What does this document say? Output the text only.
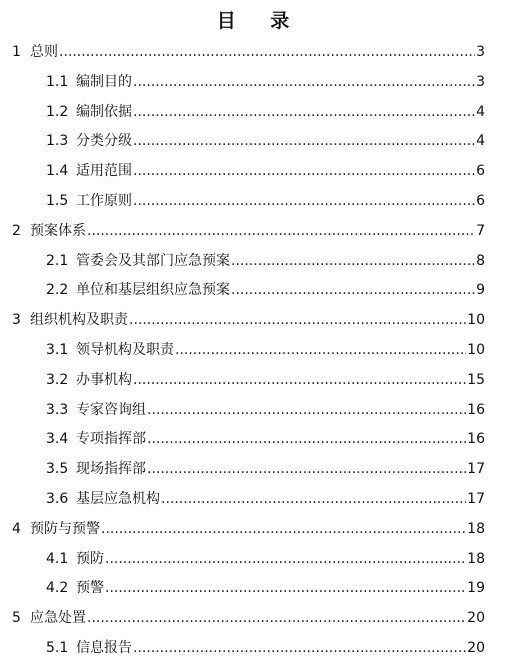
目 录
1 总则 .....	3
1.1 编制目的 .....	3
1.2 编制依据 .....	4
1.3 分类分级 .....	4
1.4 适用范围 .....	6
1.5 工作原则 .....	6
2 预案体系 .....	7
2.1 管委会及其部门应急预案 .....	8
2.2 单位和基层组织应急预案 .....	9
3 组织机构及职责 .....	10
3.1 领导机构及职责 .....	10
3.2 办事机构 .....	15
3.3 专家咨询组 .....	16
3.4 专项指挥部 .....	16
3.5 现场指挥部 .....	17
3.6 基层应急机构 .....	17
4 预防与预警 .....	18
4.1 预防 .....	18
4.2 预警 .....	19
5 应急处置 .....	20
5.1 信息报告 .....	20
